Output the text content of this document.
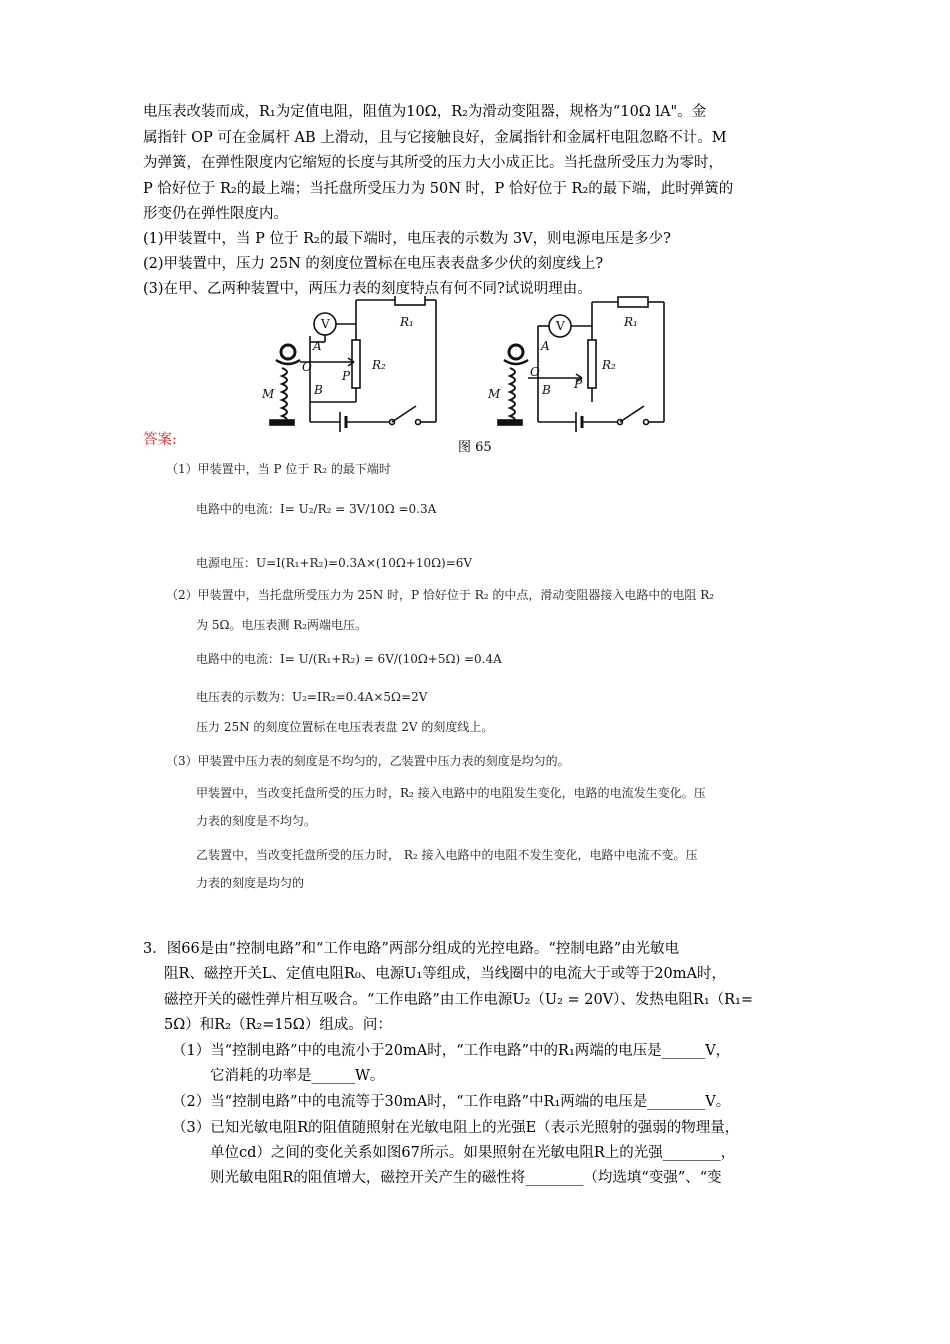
电压表改装而成，R₁为定值电阻，阻值为10Ω，R₂为滑动变阻器，规格为“10Ω lA"。金
属指针 OP 可在金属杆 AB 上滑动，且与它接触良好，金属指针和金属杆电阻忽略不计。M
为弹簧，在弹性限度内它缩短的长度与其所受的压力大小成正比。当托盘所受压力为零时，
P 恰好位于 R₂的最上端；当托盘所受压力为 50N 时，P 恰好位于 R₂的最下端，此时弹簧的
形变仍在弹性限度内。
(1)甲装置中，当 P 位于 R₂的最下端时，电压表的示数为 3V，则电源电压是多少?
(2)甲装置中，压力 25N 的刻度位置标在电压表表盘多少伏的刻度线上?
(3)在甲、乙两种装置中，两压力表的刻度特点有何不同?试说明理由。
V	R₁
R₂
A
B
O
P
M
V	R₁
R₂
A
B
O
P
M
图 65
答案:
（1）甲装置中，当 P 位于 R₂ 的最下端时
电路中的电流：I= U₂/R₂ = 3V/10Ω =0.3A
电源电压：U=I(R₁+R₂)=0.3A×(10Ω+10Ω)=6V
（2）甲装置中，当托盘所受压力为 25N 时，P 恰好位于 R₂ 的中点，滑动变阻器接入电路中的电阻 R₂
为 5Ω。电压表测 R₂两端电压。
电路中的电流：I= U/(R₁+R₂) = 6V/(10Ω+5Ω) =0.4A
电压表的示数为：U₂=IR₂=0.4A×5Ω=2V
压力 25N 的刻度位置标在电压表表盘 2V 的刻度线上。
（3）甲装置中压力表的刻度是不均匀的，乙装置中压力表的刻度是均匀的。
甲装置中，当改变托盘所受的压力时，R₂ 接入电路中的电阻发生变化，电路的电流发生变化。压
力表的刻度是不均匀。
乙装置中，当改变托盘所受的压力时， R₂ 接入电路中的电阻不发生变化，电路中电流不变。压
力表的刻度是均匀的
3．图66是由“控制电路”和“工作电路”两部分组成的光控电路。“控制电路”由光敏电
阻R、磁控开关L、定值电阻R₀、电源U₁等组成，当线圈中的电流大于或等于20mA时，
磁控开关的磁性弹片相互吸合。“工作电路”由工作电源U₂（U₂ = 20V）、发热电阻R₁（R₁=
5Ω）和R₂（R₂=15Ω）组成。问：
（1）当“控制电路”中的电流小于20mA时，“工作电路”中的R₁两端的电压是______V，
它消耗的功率是______W。
（2）当“控制电路”中的电流等于30mA时，“工作电路”中R₁两端的电压是________V。
（3）已知光敏电阻R的阻值随照射在光敏电阻上的光强E（表示光照射的强弱的物理量，
单位cd）之间的变化关系如图67所示。如果照射在光敏电阻R上的光强________，
则光敏电阻R的阻值增大，磁控开关产生的磁性将________（均选填“变强”、“变
